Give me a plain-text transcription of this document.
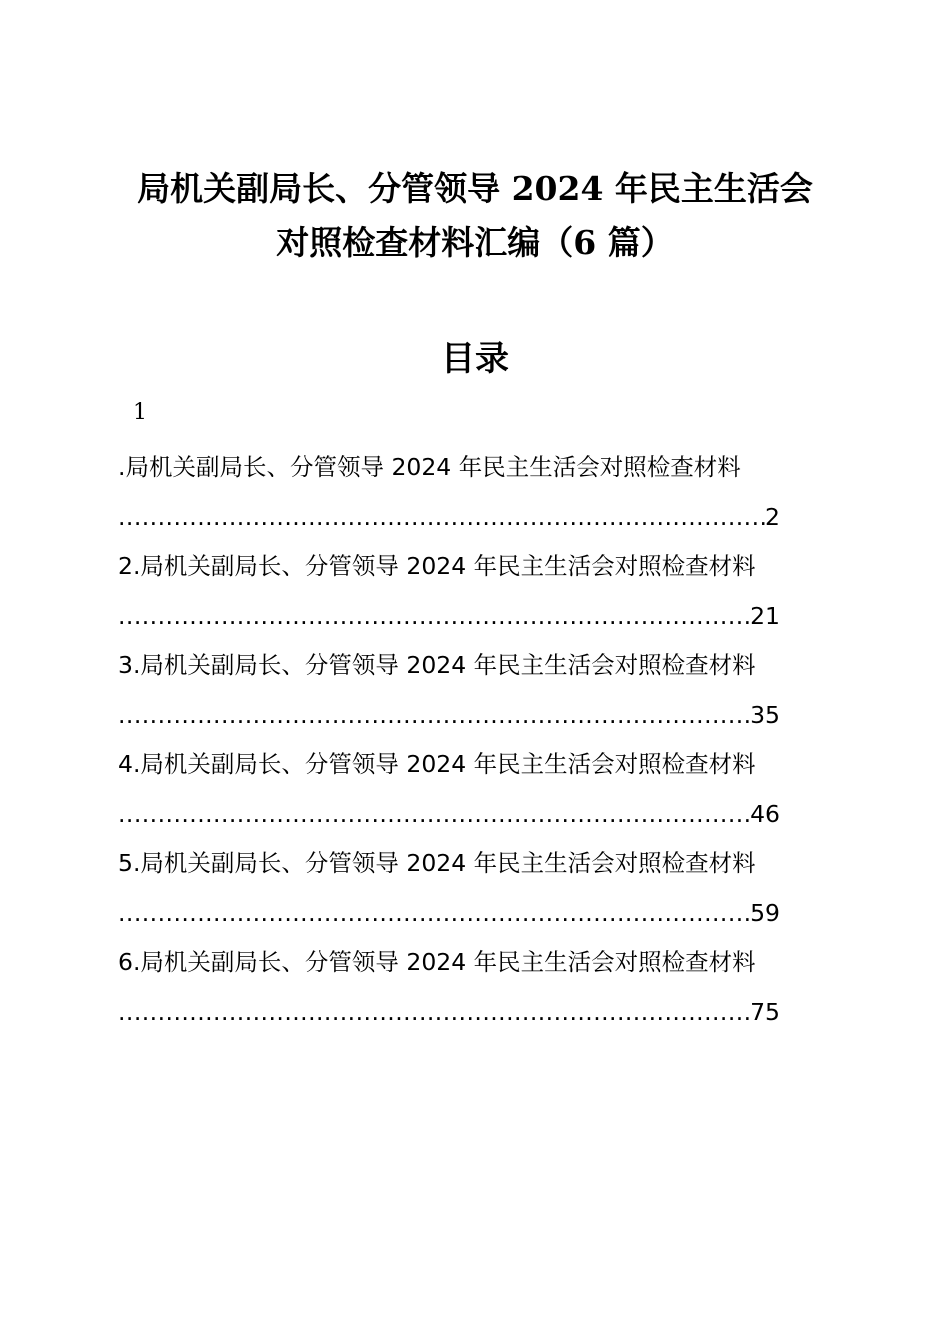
局机关副局长、分管领导 2024 年民主生活会
对照检查材料汇编（6 篇）
目录
1
.局机关副局长、分管领导 2024 年民主生活会对照检查材料
.....
2
2.局机关副局长、分管领导 2024 年民主生活会对照检查材料
.....
21
3.局机关副局长、分管领导 2024 年民主生活会对照检查材料
.....
35
4.局机关副局长、分管领导 2024 年民主生活会对照检查材料
.....
46
5.局机关副局长、分管领导 2024 年民主生活会对照检查材料
.....
59
6.局机关副局长、分管领导 2024 年民主生活会对照检查材料
.....
75
